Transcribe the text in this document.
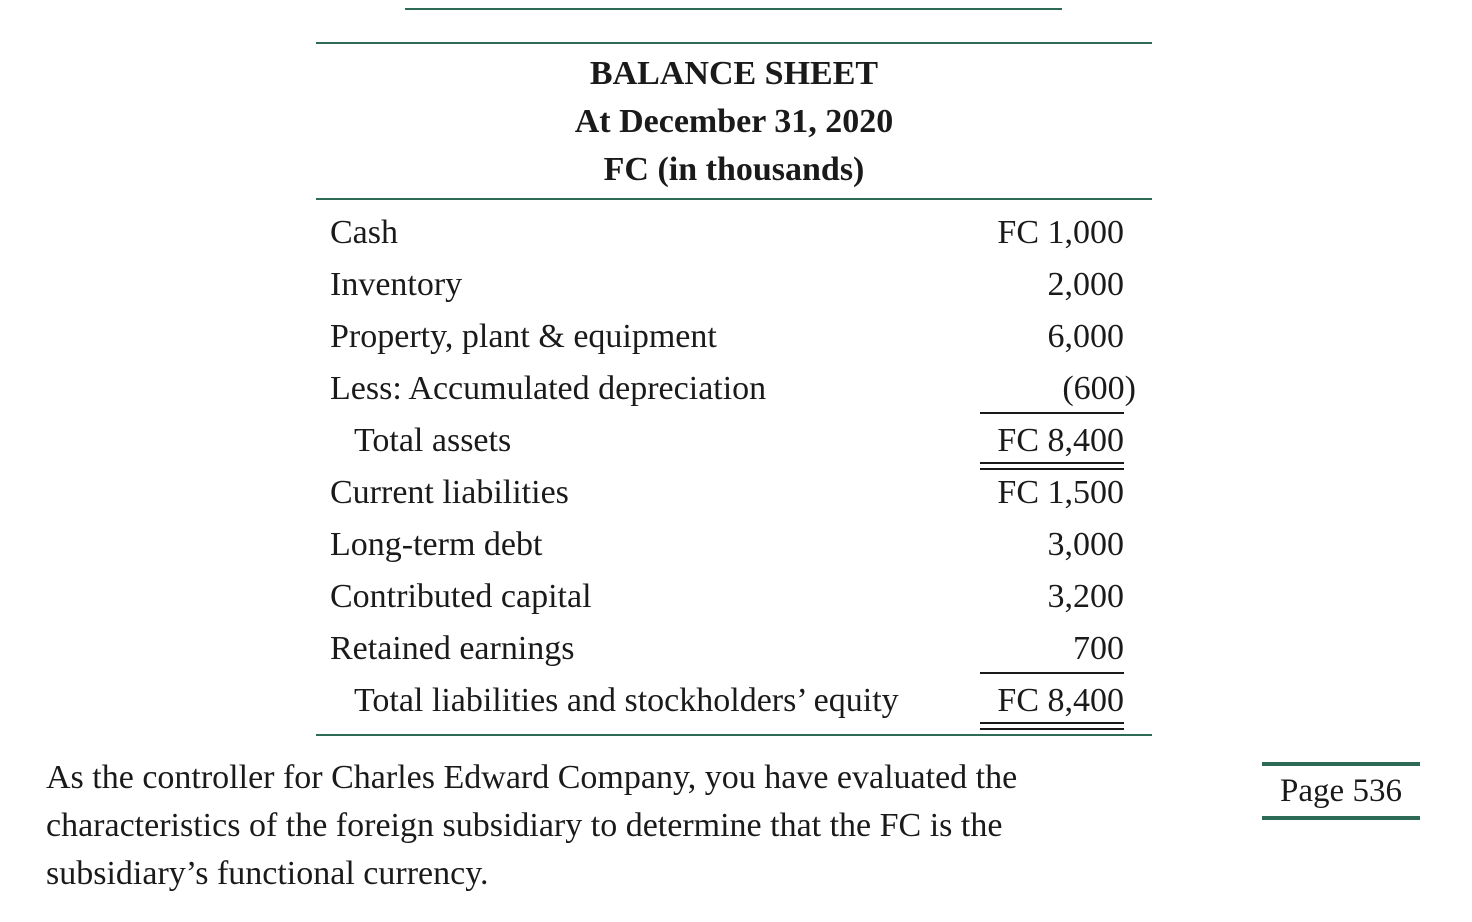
BALANCE SHEET
At December 31, 2020
FC (in thousands)
Cash	FC 1,000
Inventory	2,000
Property, plant & equipment	6,000
Less: Accumulated depreciation	(600)
Total assets	FC 8,400
Current liabilities	FC 1,500
Long-term debt	3,000
Contributed capital	3,200
Retained earnings	700
Total liabilities and stockholders’ equity	FC 8,400
As the controller for Charles Edward Company, you have evaluated the characteristics of the foreign subsidiary to determine that the FC is the subsidiary’s functional currency.
Page 536
